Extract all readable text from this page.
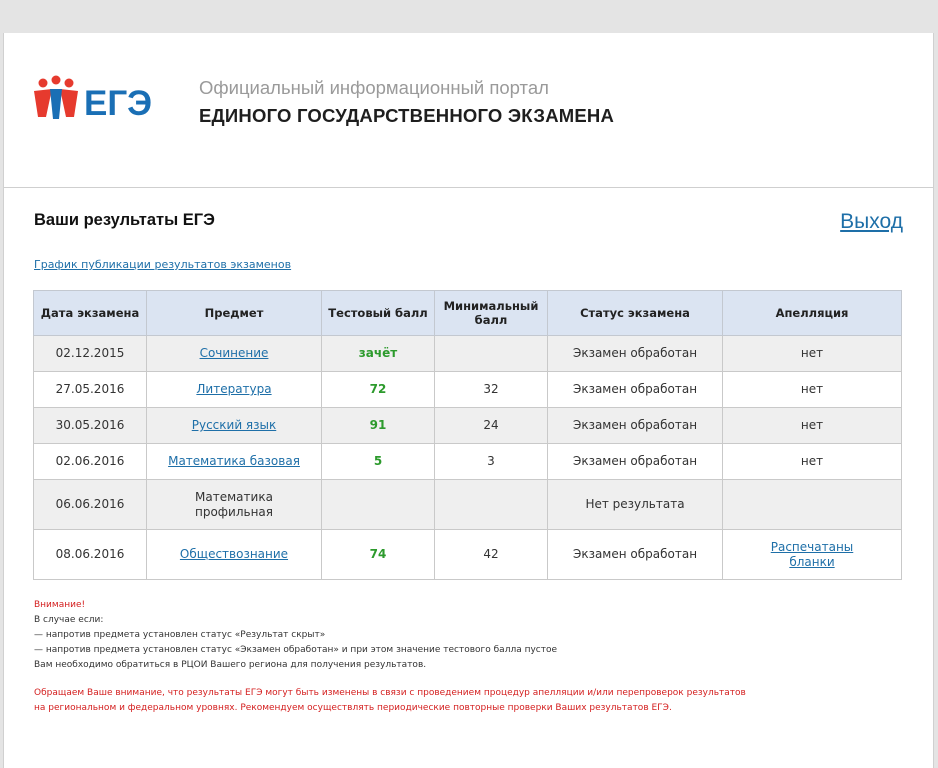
ЕГЭ	Официальный информационный портал
ЕДИНОГО ГОСУДАРСТВЕННОГО ЭКЗАМЕНА
Ваши результаты ЕГЭ	Выход
График публикации результатов экзаменов
Дата экзамена	Предмет	Тестовый балл	Минимальный балл	Статус экзамена	Апелляция
02.12.2015	Сочинение	зачёт		Экзамен обработан	нет
27.05.2016	Литература	72	32	Экзамен обработан	нет
30.05.2016	Русский язык	91	24	Экзамен обработан	нет
02.06.2016	Математика базовая	5	3	Экзамен обработан	нет
06.06.2016	Математика профильная			Нет результата	
08.06.2016	Обществознание	74	42	Экзамен обработан	Распечатаны бланки
Внимание!
В случае если:
— напротив предмета установлен статус «Результат скрыт»
— напротив предмета установлен статус «Экзамен обработан» и при этом значение тестового балла пустое
Вам необходимо обратиться в РЦОИ Вашего региона для получения результатов.
Обращаем Ваше внимание, что результаты ЕГЭ могут быть изменены в связи с проведением процедур апелляции и/или перепроверок результатов
на региональном и федеральном уровнях. Рекомендуем осуществлять периодические повторные проверки Ваших результатов ЕГЭ.
